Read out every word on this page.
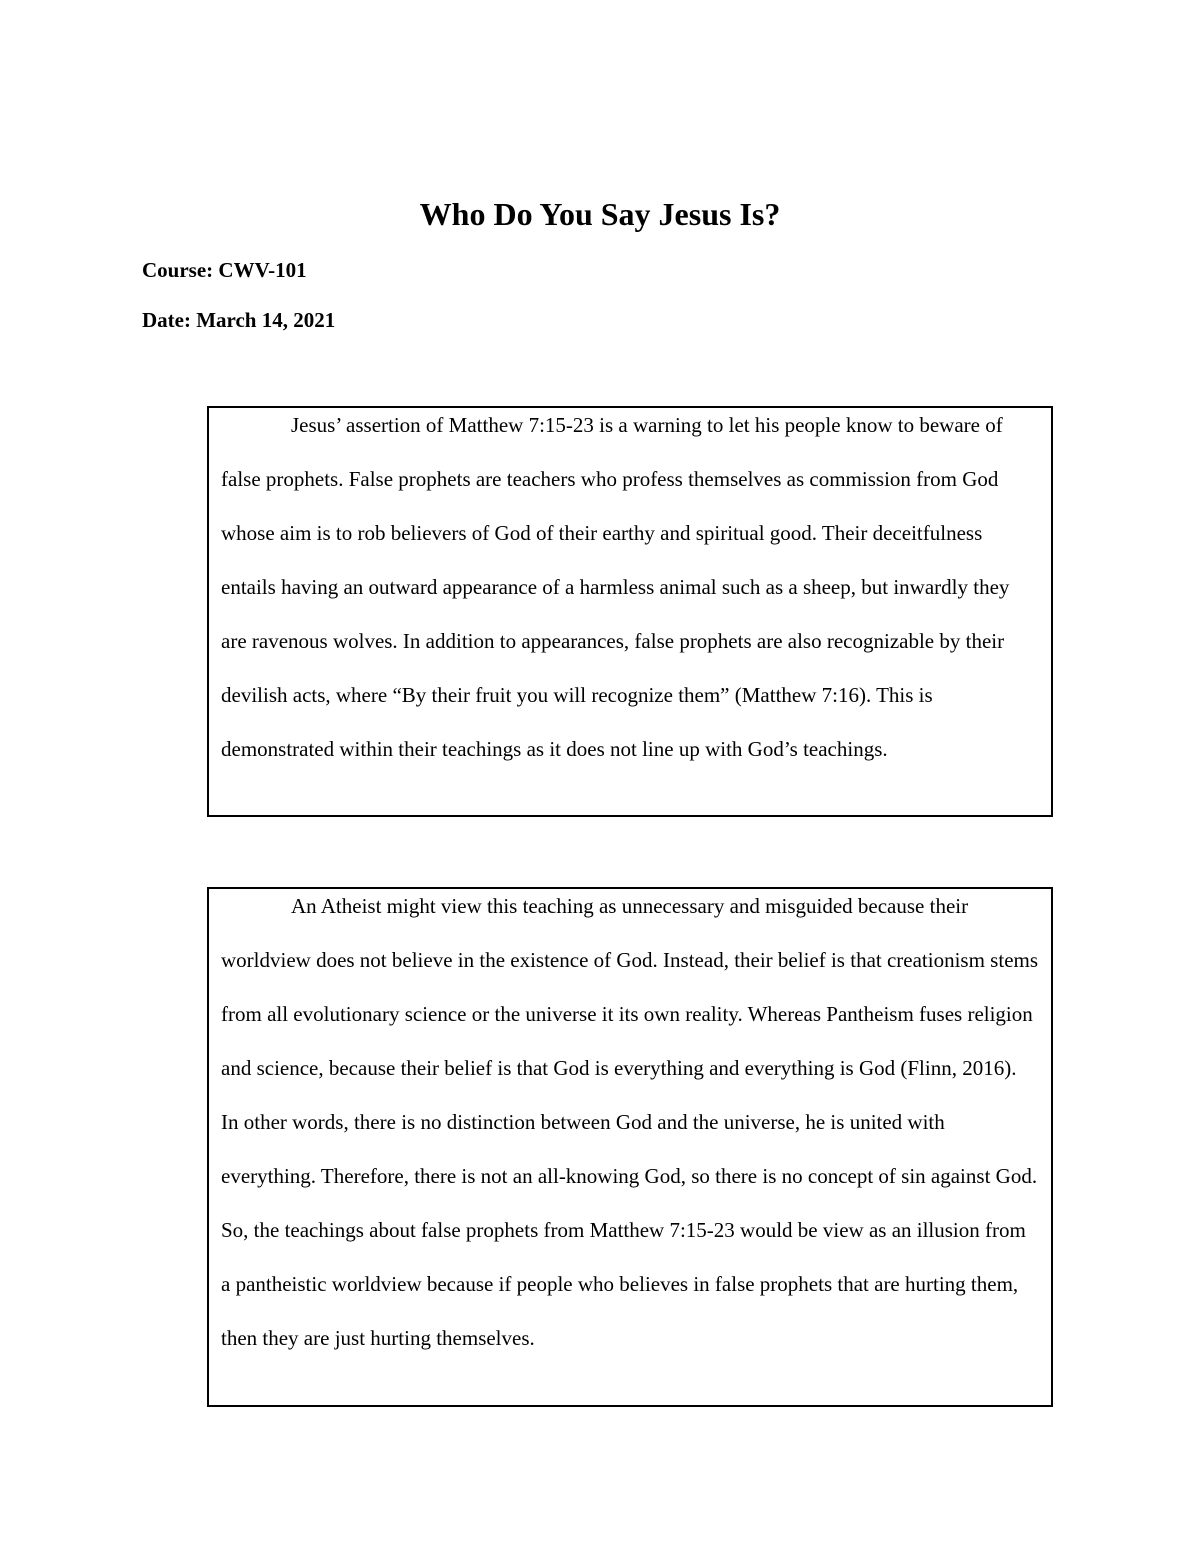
Who Do You Say Jesus Is?
Course: CWV-101
Date: March 14, 2021

Jesus’ assertion of Matthew 7:15-23 is a warning to let his people know to beware of false prophets. False prophets are teachers who profess themselves as commission from God whose aim is to rob believers of God of their earthy and spiritual good. Their deceitfulness entails having an outward appearance of a harmless animal such as a sheep, but inwardly they are ravenous wolves. In addition to appearances, false prophets are also recognizable by their devilish acts, where “By their fruit you will recognize them” (Matthew 7:16). This is demonstrated within their teachings as it does not line up with God’s teachings.

An Atheist might view this teaching as unnecessary and misguided because their worldview does not believe in the existence of God. Instead, their belief is that creationism stems from all evolutionary science or the universe it its own reality. Whereas Pantheism fuses religion and science, because their belief is that God is everything and everything is God (Flinn, 2016). In other words, there is no distinction between God and the universe, he is united with everything. Therefore, there is not an all-knowing God, so there is no concept of sin against God. So, the teachings about false prophets from Matthew 7:15-23 would be view as an illusion from a pantheistic worldview because if people who believes in false prophets that are hurting them, then they are just hurting themselves.
